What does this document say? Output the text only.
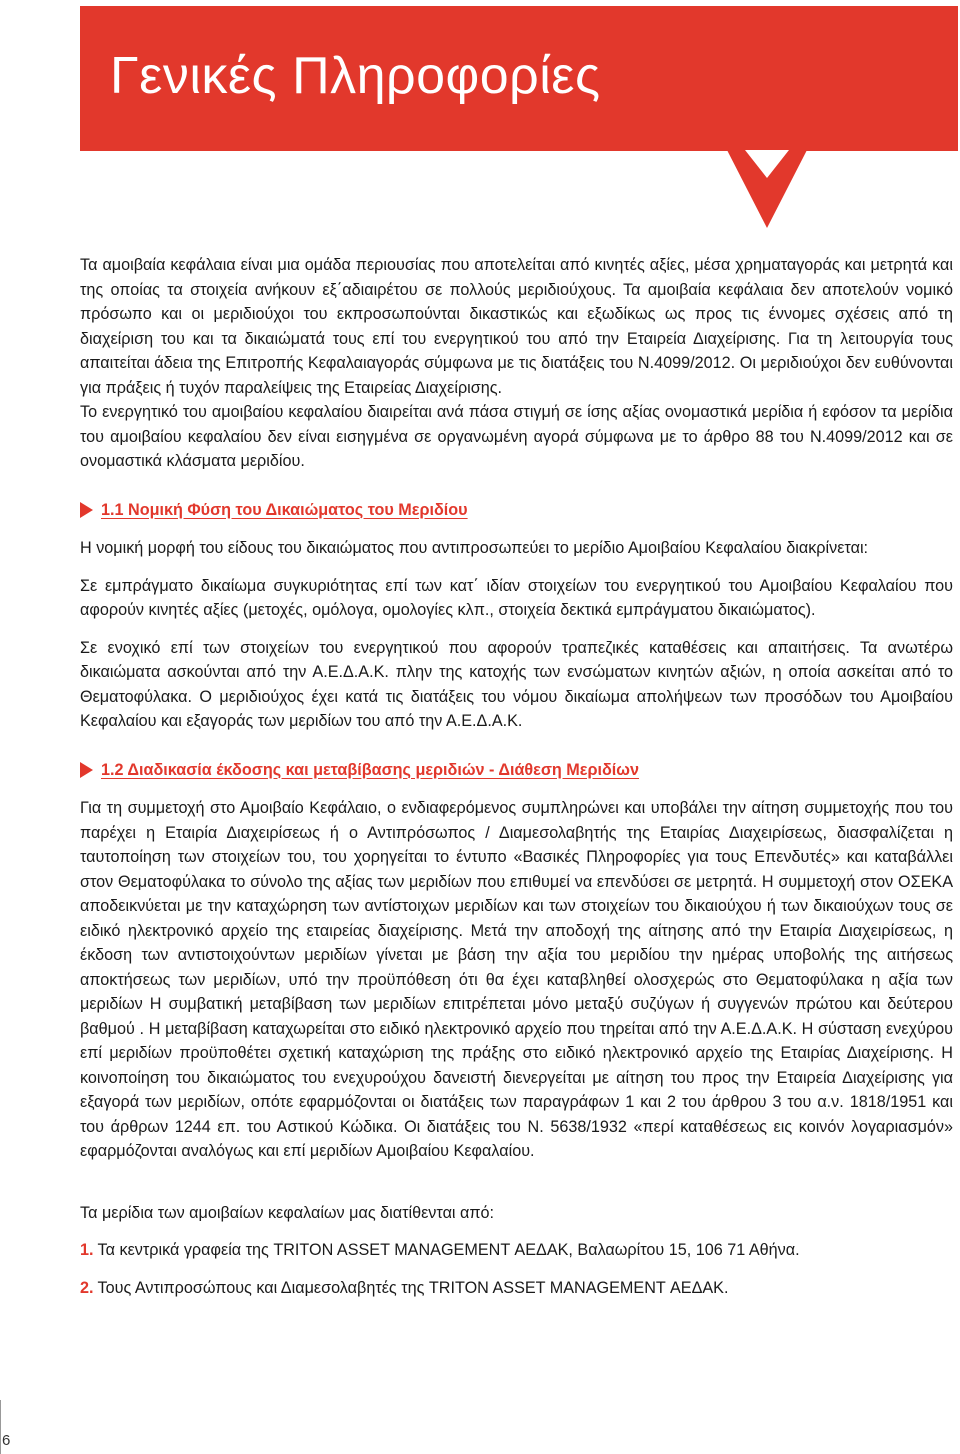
Γενικές Πληροφορίες

Τα αμοιβαία κεφάλαια είναι μια ομάδα περιουσίας που αποτελείται από κινητές αξίες, μέσα χρηματαγοράς και μετρητά και της οποίας τα στοιχεία ανήκουν εξ΄αδιαιρέτου σε πολλούς μεριδιούχους. Τα αμοιβαία κεφάλαια δεν αποτελούν νομικό πρόσωπο και οι μεριδιούχοι του εκπροσωπούνται δικαστικώς και εξωδίκως ως προς τις έννομες σχέσεις από τη διαχείριση του και τα δικαιώματά τους επί του ενεργητικού του από την Εταιρεία Διαχείρισης. Για τη λειτουργία τους απαιτείται άδεια της Επιτροπής Κεφαλαιαγοράς σύμφωνα με τις διατάξεις του Ν.4099/2012. Οι μεριδιούχοι δεν ευθύνονται για πράξεις ή τυχόν παραλείψεις της Εταιρείας Διαχείρισης.

Το ενεργητικό του αμοιβαίου κεφαλαίου διαιρείται ανά πάσα στιγμή σε ίσης αξίας ονομαστικά μερίδια ή εφόσον τα μερίδια του αμοιβαίου κεφαλαίου δεν είναι εισηγμένα σε οργανωμένη αγορά σύμφωνα με το άρθρο 88 του Ν.4099/2012 και σε ονομαστικά κλάσματα μεριδίου.

1.1 Νομική Φύση του Δικαιώματος του Μεριδίου

Η νομική μορφή του είδους του δικαιώματος που αντιπροσωπεύει το μερίδιο Αμοιβαίου Κεφαλαίου διακρίνεται:

Σε εμπράγματο δικαίωμα συγκυριότητας επί των κατ΄ ιδίαν στοιχείων του ενεργητικού του Αμοιβαίου Κεφαλαίου που αφορούν κινητές αξίες (μετοχές, ομόλογα, ομολογίες κλπ., στοιχεία δεκτικά εμπράγματου δικαιώματος).

Σε ενοχικό επί των στοιχείων του ενεργητικού που αφορούν τραπεζικές καταθέσεις και απαιτήσεις. Τα ανωτέρω δικαιώματα ασκούνται από την Α.Ε.Δ.Α.Κ. πλην της κατοχής των ενσώματων κινητών αξιών, η οποία ασκείται από το Θεματοφύλακα. Ο μεριδιούχος έχει κατά τις διατάξεις του νόμου δικαίωμα απολήψεων των προσόδων του Αμοιβαίου Κεφαλαίου και εξαγοράς των μεριδίων του από την Α.Ε.Δ.Α.Κ.

1.2 Διαδικασία έκδοσης και μεταβίβασης μεριδιών - Διάθεση Μεριδίων

Για τη συμμετοχή στο Αμοιβαίο Κεφάλαιο, ο ενδιαφερόμενος συμπληρώνει και υποβάλει την αίτηση συμμετοχής που του παρέχει η Εταιρία Διαχειρίσεως ή ο Αντιπρόσωπος / Διαμεσολαβητής της Εταιρίας Διαχειρίσεως, διασφαλίζεται η ταυτοποίηση των στοιχείων του, του χορηγείται το έντυπο «Βασικές Πληροφορίες για τους Επενδυτές» και καταβάλλει στον Θεματοφύλακα το σύνολο της αξίας των μεριδίων που επιθυμεί να επενδύσει σε μετρητά. Η συμμετοχή στον ΟΣΕΚΑ αποδεικνύεται με την καταχώρηση των αντίστοιχων μεριδίων και των στοιχείων του δικαιούχου ή των δικαιούχων τους σε ειδικό ηλεκτρονικό αρχείο της εταιρείας διαχείρισης. Μετά την αποδοχή της αίτησης από την Εταιρία Διαχειρίσεως, η έκδοση των αντιστοιχούντων μεριδίων γίνεται με βάση την αξία του μεριδίου την ημέρας υποβολής της αιτήσεως αποκτήσεως των μεριδίων, υπό την προϋπόθεση ότι θα έχει καταβληθεί ολοσχερώς στο Θεματοφύλακα η αξία των μεριδίων Η συμβατική μεταβίβαση των μεριδίων επιτρέπεται μόνο μεταξύ συζύγων ή συγγενών πρώτου και δεύτερου βαθμού . Η μεταβίβαση καταχωρείται στο ειδικό ηλεκτρονικό αρχείο που τηρείται από την Α.Ε.Δ.Α.Κ. Η σύσταση ενεχύρου επί μεριδίων προϋποθέτει σχετική καταχώριση της πράξης στο ειδικό ηλεκτρονικό αρχείο της Εταιρίας Διαχείρισης. Η κοινοποίηση του δικαιώματος του ενεχυρούχου δανειστή διενεργείται με αίτηση του προς την Εταιρεία Διαχείρισης για εξαγορά των μεριδίων, οπότε εφαρμόζονται οι διατάξεις των παραγράφων 1 και 2 του άρθρου 3 του α.ν. 1818/1951 και του άρθρων 1244 επ. του Αστικού Κώδικα. Οι διατάξεις του Ν. 5638/1932 «περί καταθέσεως εις κοινόν λογαριασμόν» εφαρμόζονται αναλόγως και επί μεριδίων Αμοιβαίου Κεφαλαίου.

Τα μερίδια των αμοιβαίων κεφαλαίων μας διατίθενται από:

1. Τα κεντρικά γραφεία της TRITON ASSET MANAGEMENT ΑΕΔΑΚ, Βαλαωρίτου 15, 106 71 Αθήνα.

2. Τους Αντιπροσώπους και Διαμεσολαβητές της TRITON ASSET MANAGEMENT ΑΕΔΑΚ.

6
